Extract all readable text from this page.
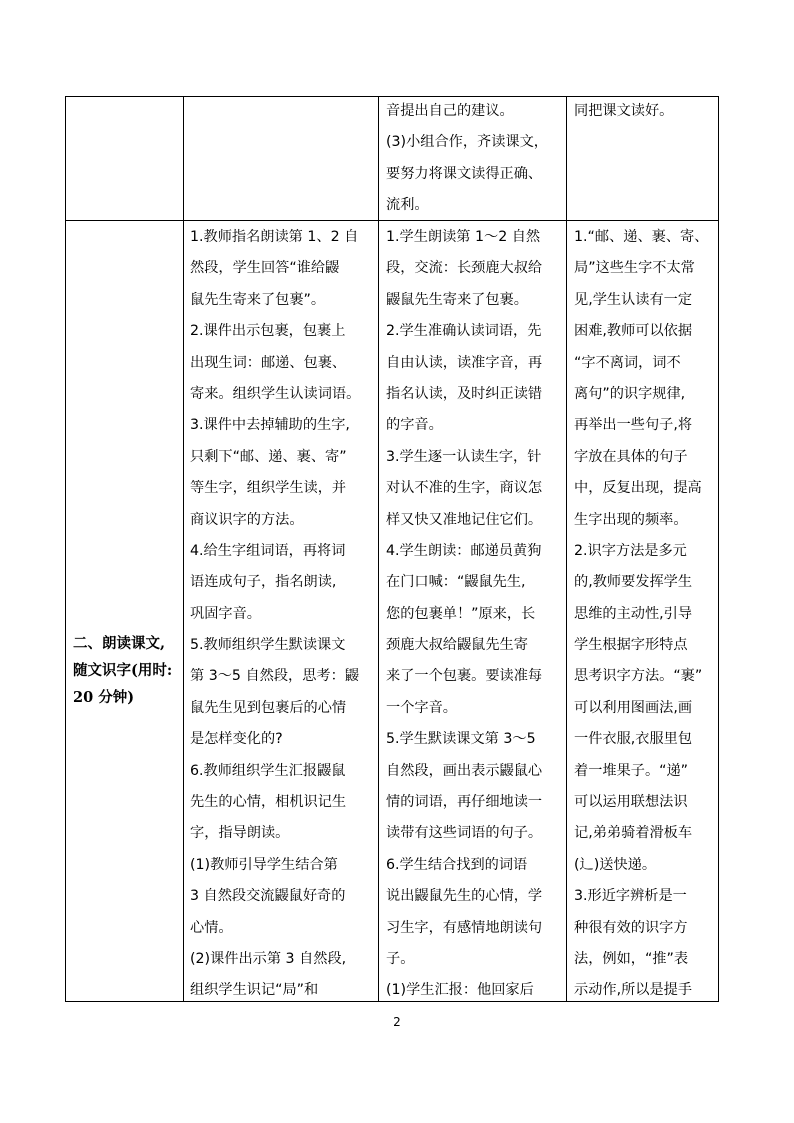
音提出自己的建议。
(3)小组合作，齐读课文，
要努力将课文读得正确、
流利。
同把课文读好。
二、朗读课文,
随文识字(用时:
20 分钟)
1.教师指名朗读第 1、2 自
然段，学生回答“谁给鼹
鼠先生寄来了包裹”。
2.课件出示包裹，包裹上
出现生词：邮递、包裹、
寄来。组织学生认读词语。
3.课件中去掉辅助的生字,
只剩下“邮、递、裹、寄”
等生字，组织学生读，并
商议识字的方法。
4.给生字组词语，再将词
语连成句子，指名朗读,
巩固字音。
5.教师组织学生默读课文
第 3～5 自然段，思考：鼹
鼠先生见到包裹后的心情
是怎样变化的?
6.教师组织学生汇报鼹鼠
先生的心情，相机识记生
字，指导朗读。
(1)教师引导学生结合第
3 自然段交流鼹鼠好奇的
心情。
(2)课件出示第 3 自然段,
组织学生识记“局”和
1.学生朗读第 1～2 自然
段，交流：长颈鹿大叔给
鼹鼠先生寄来了包裹。
2.学生准确认读词语，先
自由认读，读准字音，再
指名认读，及时纠正读错
的字音。
3.学生逐一认读生字，针
对认不准的生字，商议怎
样又快又准地记住它们。
4.学生朗读：邮递员黄狗
在门口喊：“鼹鼠先生,
您的包裹单！”原来，长
颈鹿大叔给鼹鼠先生寄
来了一个包裹。要读准每
一个字音。
5.学生默读课文第 3～5
自然段，画出表示鼹鼠心
情的词语，再仔细地读一
读带有这些词语的句子。
6.学生结合找到的词语
说出鼹鼠先生的心情，学
习生字，有感情地朗读句
子。
(1)学生汇报：他回家后
1.“邮、递、裹、寄、
局”这些生字不太常
见,学生认读有一定
困难,教师可以依据
“字不离词，词不
离句”的识字规律,
再举出一些句子,将
字放在具体的句子
中，反复出现，提高
生字出现的频率。
2.识字方法是多元
的,教师要发挥学生
思维的主动性,引导
学生根据字形特点
思考识字方法。“裹”
可以利用图画法,画
一件衣服,衣服里包
着一堆果子。“递”
可以运用联想法识
记,弟弟骑着滑板车
(辶)送快递。
3.形近字辨析是一
种很有效的识字方
法，例如，“推”表
示动作,所以是提手
2
